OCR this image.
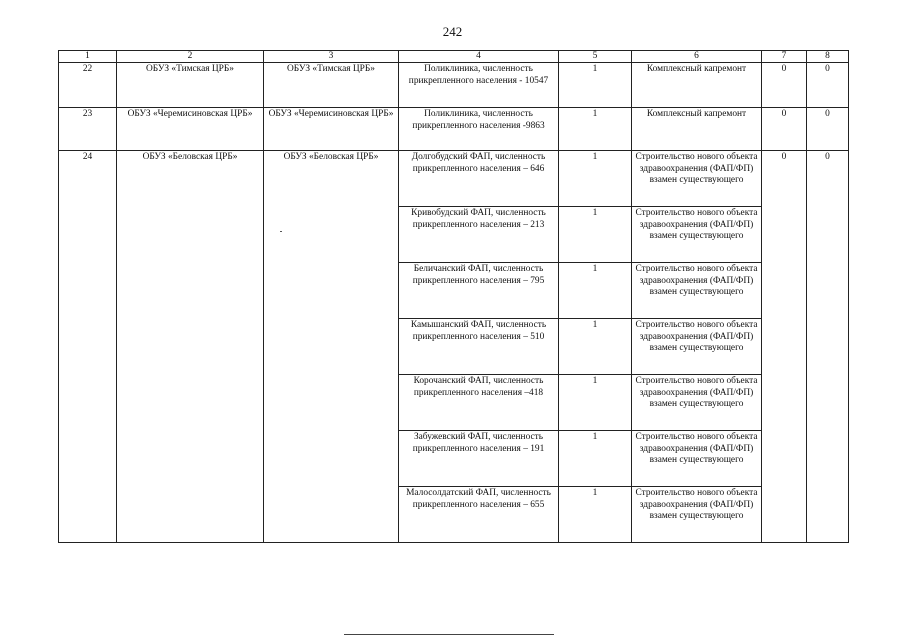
242
1	2	3	4	5	6	7	8
22	ОБУЗ «Тимская ЦРБ»	ОБУЗ «Тимская ЦРБ»	Поликлиника, численность прикрепленного населения - 10547	1	Комплексный капремонт	0	0
23	ОБУЗ «Черемисиновская ЦРБ»	ОБУЗ «Черемисиновская ЦРБ»	Поликлиника, численность прикрепленного населения -9863	1	Комплексный капремонт	0	0
24	ОБУЗ «Беловская ЦРБ»	ОБУЗ «Беловская ЦРБ»	Долгобудский ФАП, численность прикрепленного населения – 646	1	Строительство нового объекта здравоохранения (ФАП/ФП) взамен существующего	0	0
			Кривобудский ФАП, численность прикрепленного населения – 213	1	Строительство нового объекта здравоохранения (ФАП/ФП) взамен существующего		
			Беличанский ФАП, численность прикрепленного населения – 795	1	Строительство нового объекта здравоохранения (ФАП/ФП) взамен существующего		
			Камышанский ФАП, численность прикрепленного населения – 510	1	Строительство нового объекта здравоохранения (ФАП/ФП) взамен существующего		
			Корочанский ФАП, численность прикрепленного населения –418	1	Строительство нового объекта здравоохранения (ФАП/ФП) взамен существующего		
			Забужевский ФАП, численность прикрепленного населения – 191	1	Строительство нового объекта здравоохранения (ФАП/ФП) взамен существующего		
			Малосолдатский ФАП, численность прикрепленного населения – 655	1	Строительство нового объекта здравоохранения (ФАП/ФП) взамен существующего		
